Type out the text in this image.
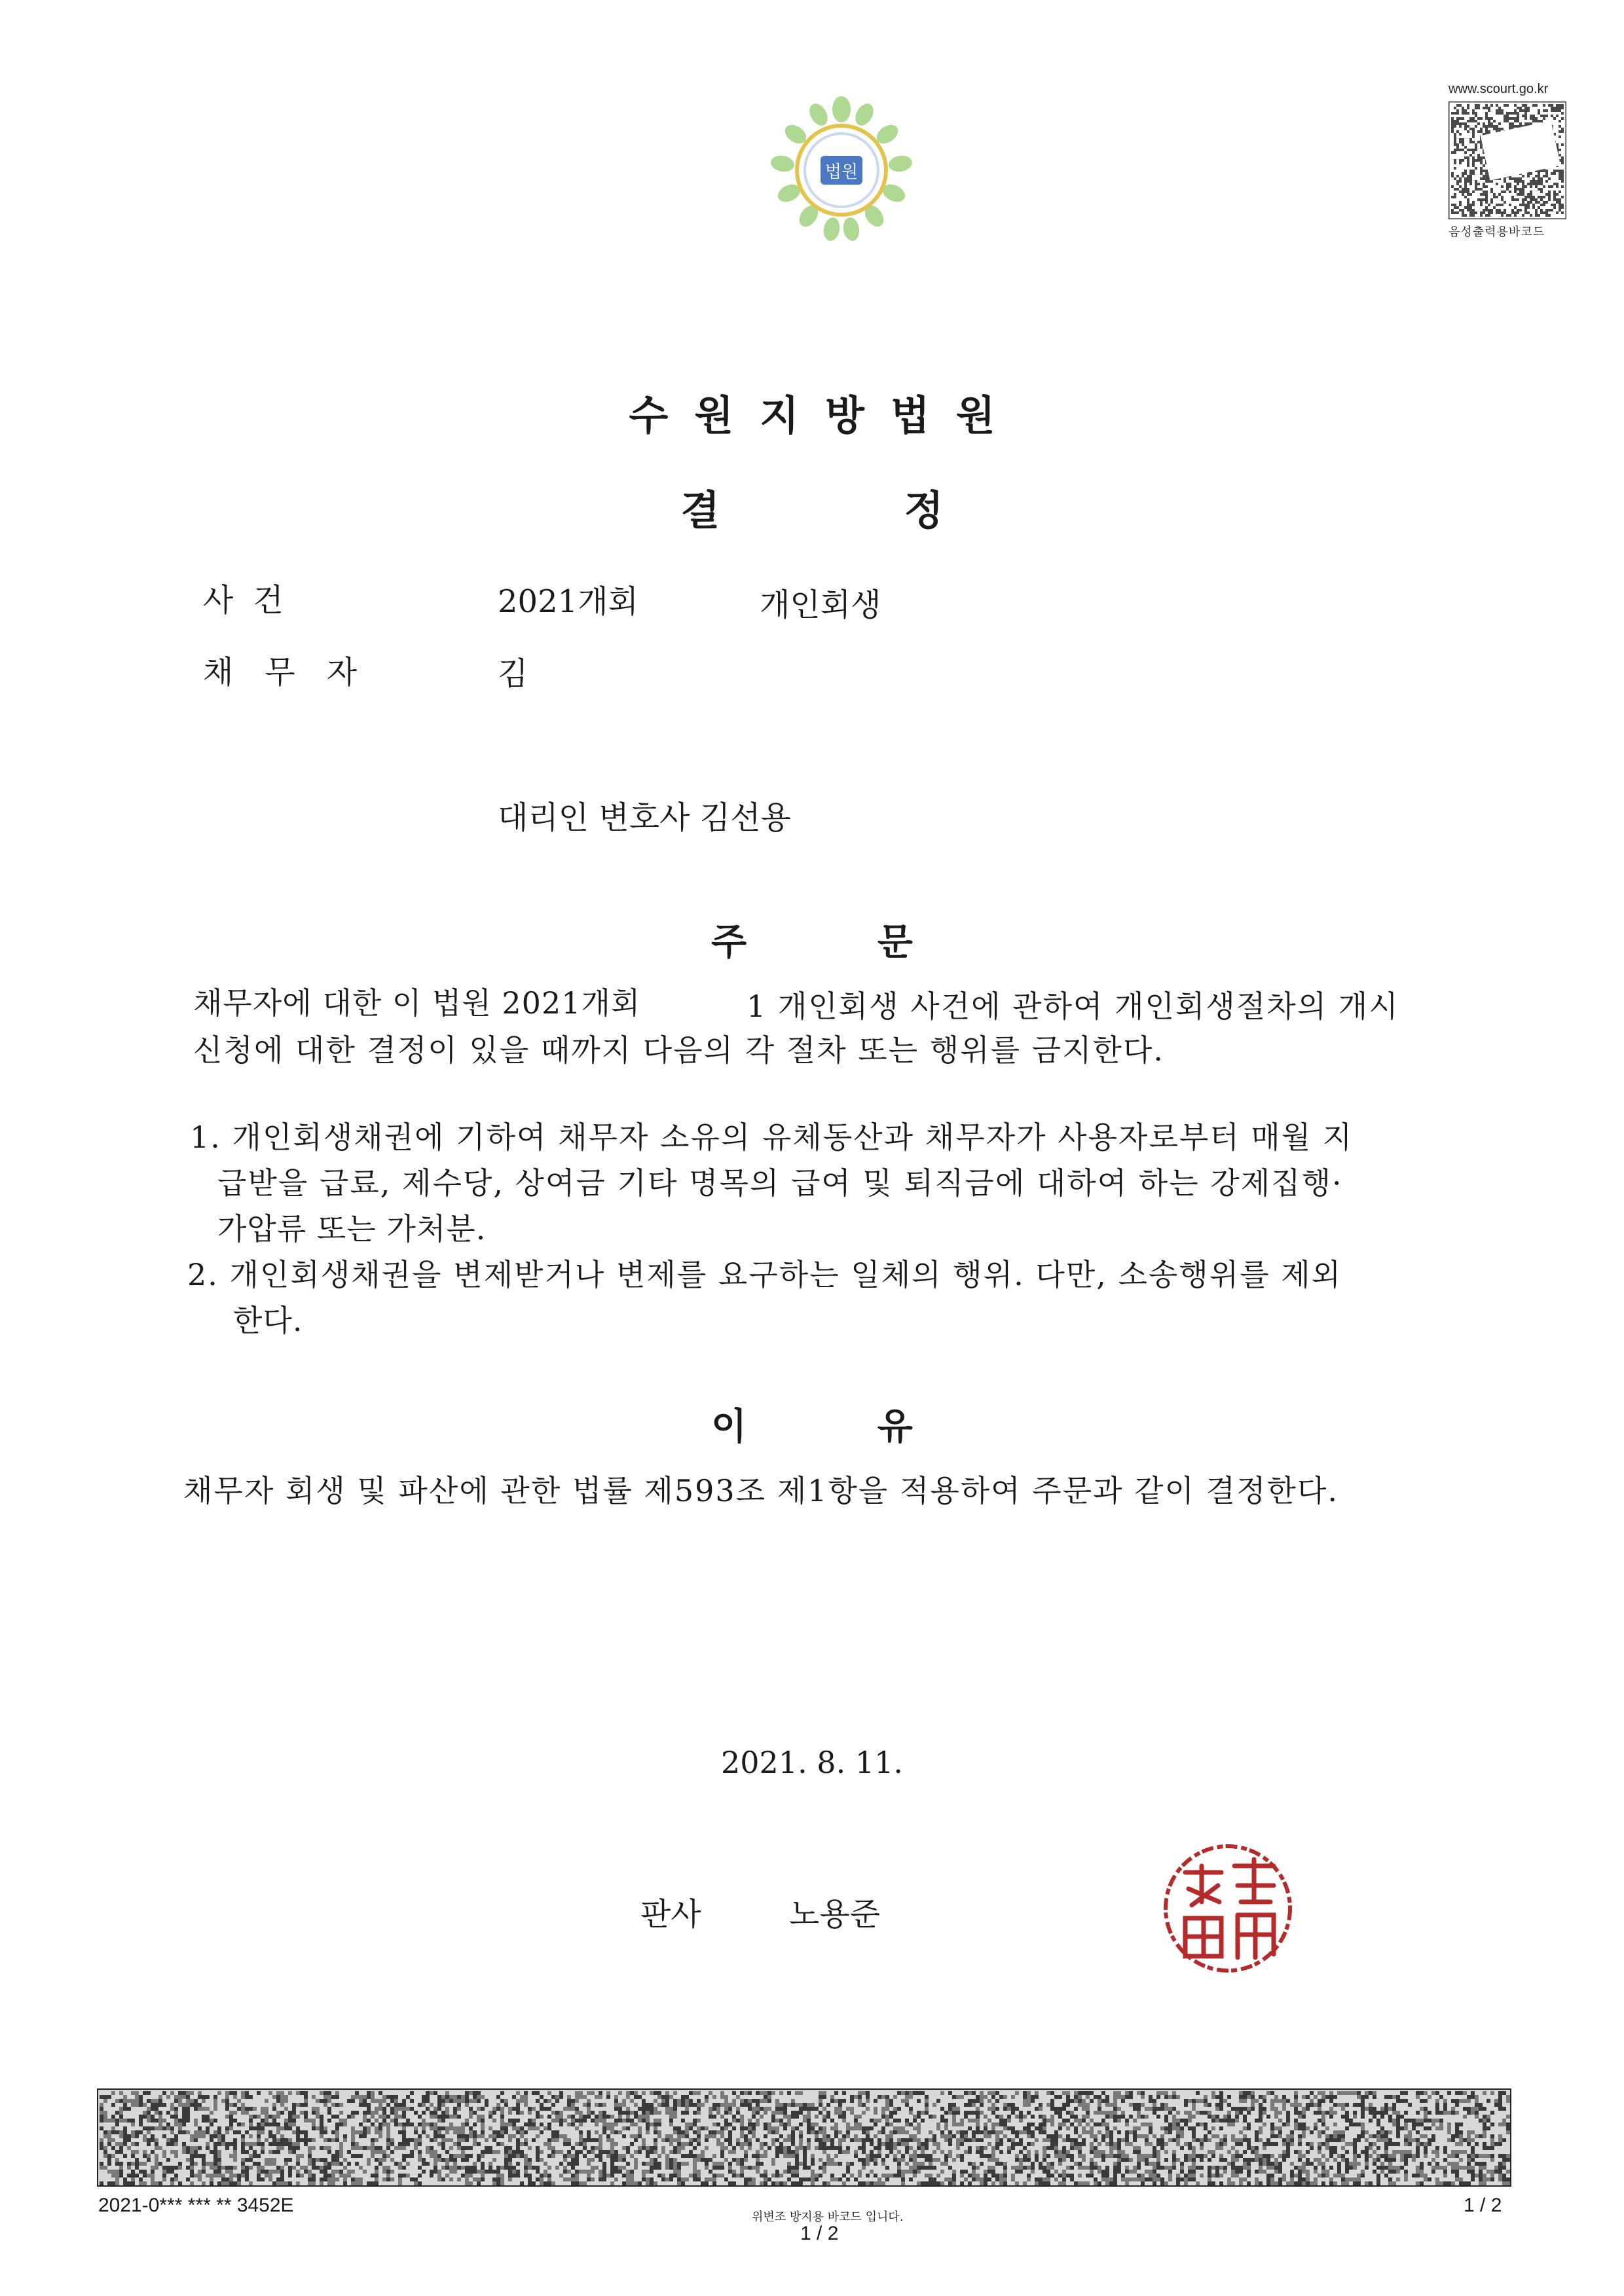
법원
www.scourt.go.kr
음성출력용바코드
수원지방법원
결 정
사건	2021개회	개인회생
채무자	김
대리인 변호사 김선용
주 문
채무자에 대한 이 법원 2021개회	1 개인회생 사건에 관하여 개인회생절차의 개시
신청에 대한 결정이 있을 때까지 다음의 각 절차 또는 행위를 금지한다.
1. 개인회생채권에 기하여 채무자 소유의 유체동산과 채무자가 사용자로부터 매월 지
급받을 급료, 제수당, 상여금 기타 명목의 급여 및 퇴직금에 대하여 하는 강제집행·
가압류 또는 가처분.
2. 개인회생채권을 변제받거나 변제를 요구하는 일체의 행위. 다만, 소송행위를 제외
한다.
이 유
채무자 회생 및 파산에 관한 법률 제593조 제1항을 적용하여 주문과 같이 결정한다.
2021. 8. 11.
판사	노용준
2021-0*** *** ** 3452E
위변조 방지용 바코드 입니다.
1 / 2
1 / 2
